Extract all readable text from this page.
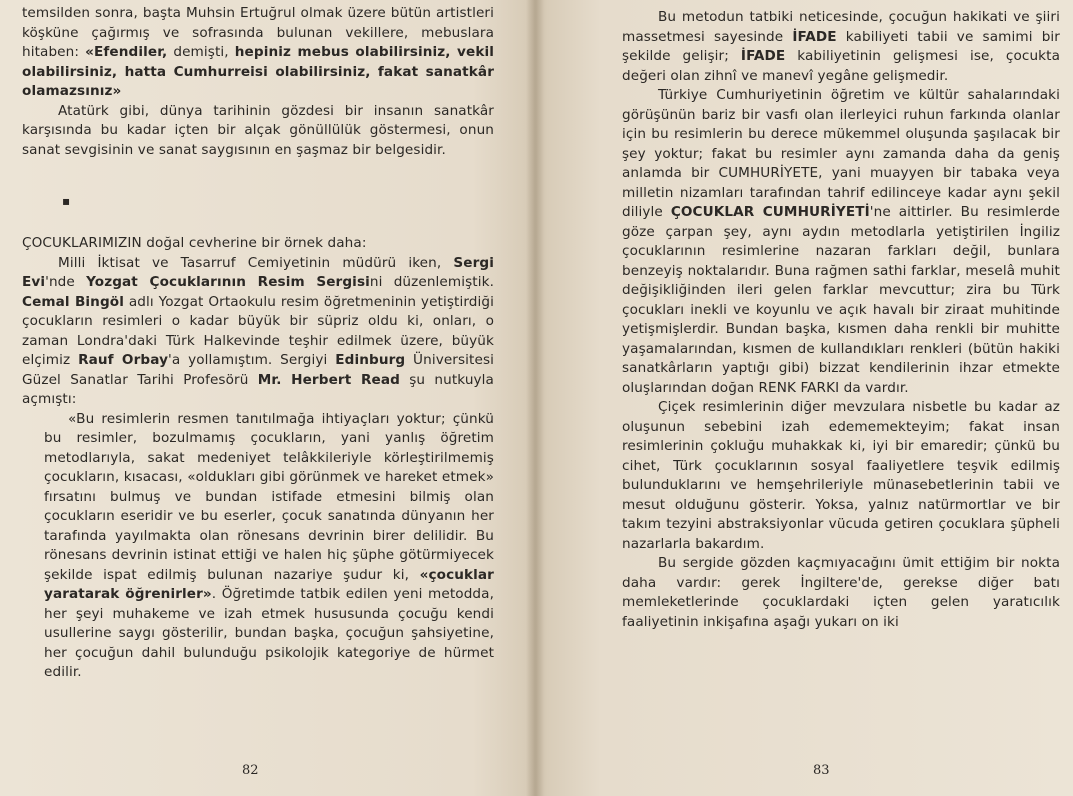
temsilden sonra, başta Muhsin Ertuğrul olmak üzere bütün artistleri köşküne çağırmış ve sofrasında bulunan vekillere, mebuslara hitaben: «Efendiler, demişti, hepiniz mebus olabilirsiniz, vekil olabilirsiniz, hatta Cumhurreisi olabilirsiniz, fakat sanatkâr olamazsınız»

Atatürk gibi, dünya tarihinin gözdesi bir insanın sanatkâr karşısında bu kadar içten bir alçak gönüllülük göstermesi, onun sanat sevgisinin ve sanat saygısının en şaşmaz bir belgesidir.

▪

ÇOCUKLARIMIZIN doğal cevherine bir örnek daha:

Milli İktisat ve Tasarruf Cemiyetinin müdürü iken, Sergi Evi'nde Yozgat Çocuklarının Resim Sergisini düzenlemiştik. Cemal Bingöl adlı Yozgat Ortaokulu resim öğretmeninin yetiştirdiği çocukların resimleri o kadar büyük bir süpriz oldu ki, onları, o zaman Londra'daki Türk Halkevinde teşhir edilmek üzere, büyük elçimiz Rauf Orbay'a yollamıştım. Sergiyi Edinburg Üniversitesi Güzel Sanatlar Tarihi Profesörü Mr. Herbert Read şu nutkuyla açmıştı:

«Bu resimlerin resmen tanıtılmağa ihtiyaçları yoktur; çünkü bu resimler, bozulmamış çocukların, yani yanlış öğretim metodlarıyla, sakat medeniyet telâkkileriyle körleştirilmemiş çocukların, kısacası, «oldukları gibi görünmek ve hareket etmek» fırsatını bulmuş ve bundan istifade etmesini bilmiş olan çocukların eseridir ve bu eserler, çocuk sanatında dünyanın her tarafında yayılmakta olan rönesans devrinin birer delilidir. Bu rönesans devrinin istinat ettiği ve halen hiç şüphe götürmiyecek şekilde ispat edilmiş bulunan nazariye şudur ki, «çocuklar yaratarak öğrenirler». Öğretimde tatbik edilen yeni metodda, her şeyi muhakeme ve izah etmek hususunda çocuğu kendi usullerine saygı gösterilir, bundan başka, çocuğun şahsiyetine, her çocuğun dahil bulunduğu psikolojik kategoriye de hürmet edilir.

82

Bu metodun tatbiki neticesinde, çocuğun hakikati ve şiiri massetmesi sayesinde İFADE kabiliyeti tabii ve samimi bir şekilde gelişir; İFADE kabiliyetinin gelişmesi ise, çocukta değeri olan zihnî ve manevî yegâne gelişmedir.

Türkiye Cumhuriyetinin öğretim ve kültür sahalarındaki görüşünün bariz bir vasfı olan ilerleyici ruhun farkında olanlar için bu resimlerin bu derece mükemmel oluşunda şaşılacak bir şey yoktur; fakat bu resimler aynı zamanda daha da geniş anlamda bir CUMHURİYETE, yani muayyen bir tabaka veya milletin nizamları tarafından tahrif edilinceye kadar aynı şekil diliyle ÇOCUKLAR CUMHURİYETİ'ne aittirler. Bu resimlerde göze çarpan şey, aynı aydın metodlarla yetiştirilen İngiliz çocuklarının resimlerine nazaran farkları değil, bunlara benzeyiş noktalarıdır. Buna rağmen sathi farklar, meselâ muhit değişikliğinden ileri gelen farklar mevcuttur; zira bu Türk çocukları inekli ve koyunlu ve açık havalı bir ziraat muhitinde yetişmişlerdir. Bundan başka, kısmen daha renkli bir muhitte yaşamalarından, kısmen de kullandıkları renkleri (bütün hakiki sanatkârların yaptığı gibi) bizzat kendilerinin ihzar etmekte oluşlarından doğan RENK FARKI da vardır.

Çiçek resimlerinin diğer mevzulara nisbetle bu kadar az oluşunun sebebini izah edememekteyim; fakat insan resimlerinin çokluğu muhakkak ki, iyi bir emaredir; çünkü bu cihet, Türk çocuklarının sosyal faaliyetlere teşvik edilmiş bulunduklarını ve hemşehrileriyle münasebetlerinin tabii ve mesut olduğunu gösterir. Yoksa, yalnız natürmortlar ve bir takım tezyini abstraksiyonlar vücuda getiren çocuklara şüpheli nazarlarla bakardım.

Bu sergide gözden kaçmıyacağını ümit ettiğim bir nokta daha vardır: gerek İngiltere'de, gerekse diğer batı memleketlerinde çocuklardaki içten gelen yaratıcılık faaliyetinin inkişafına aşağı yukarı on iki

83
